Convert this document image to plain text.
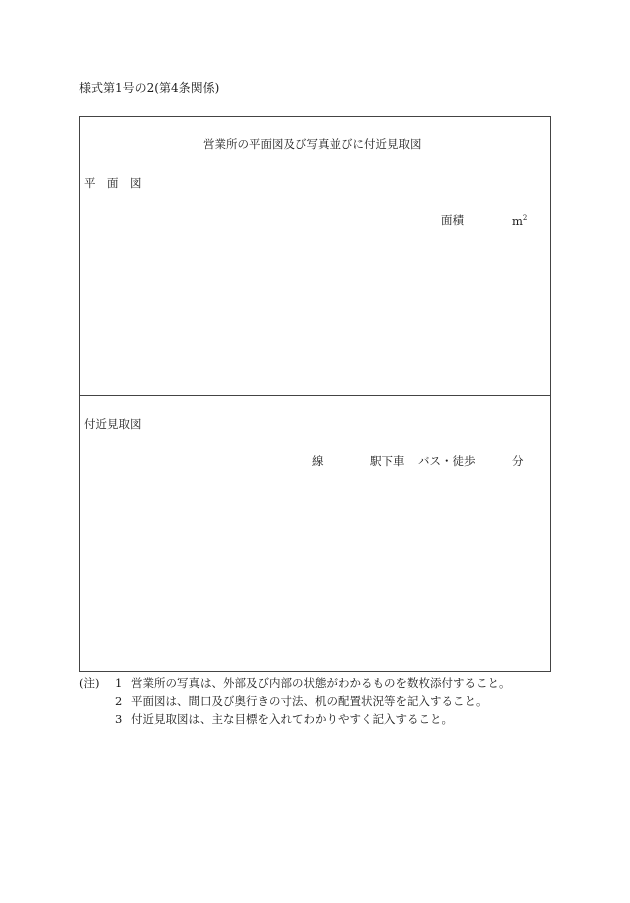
様式第1号の2(第4条関係)
営業所の平面図及び写真並びに付近見取図
平　面　図
面積	$m^2$
付近見取図
線	駅下車 バス・徒歩	分
(注) 1 営業所の写真は、外部及び内部の状態がわかるものを数枚添付すること。
2 平面図は、間口及び奥行きの寸法、机の配置状況等を記入すること。
3 付近見取図は、主な目標を入れてわかりやすく記入すること。
